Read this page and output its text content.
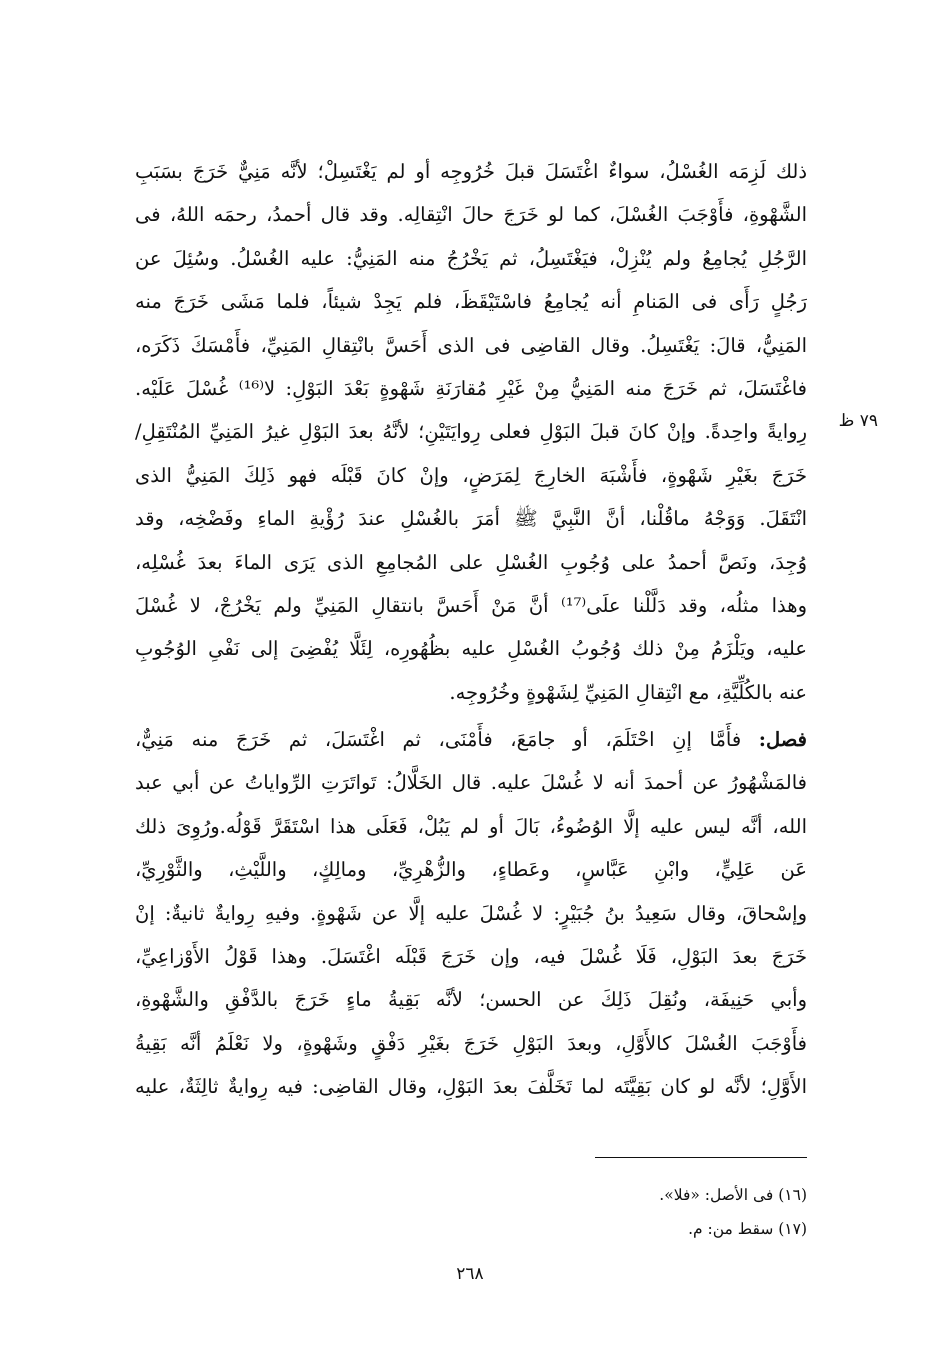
ذلك لَزِمَه الغُسْلُ، سواءٌ اغْتَسَلَ قبلَ خُرُوجِه أو لم يَغْتَسِلْ؛ لأنَّه مَنِيٌّ خَرَجَ بسَبَبِ
الشَّهْوةِ، فأَوْجَبَ الغُسْلَ، كما لو خَرَجَ حالَ انْتِقالِه. وقد قال أحمدُ، رحمَه اللهُ، فى
الرَّجُلِ يُجامِعُ ولم يُنْزِلْ، فيَغْتَسِلُ، ثم يَخْرُجُ منه المَنِيُّ: عليه الغُسْلُ. وسُئِلَ عن
رَجُلٍ رَأَى فى المَنامِ أنه يُجامِعُ فاسْتَيْقَظَ، فلم يَجِدْ شيئاً، فلما مَشَى خَرَجَ منه
المَنِيُّ، قالَ: يَغْتَسِلُ. وقال القاضِى فى الذى أَحَسَّ بانْتِقالِ المَنِيِّ، فأَمْسَكَ ذَكَرَه،
فاغْتَسَلَ، ثم خَرَجَ منه المَنِيُّ مِنْ غَيْرِ مُقارَنَةِ شَهْوةٍ بَعْدَ البَوْلِ: لا⁽¹⁶⁾ غُسْلَ عَلَيْه.
رِوايةً واحِدةً. وإنْ كانَ قبلَ البَوْلِ فعلى رِوايَتَيْنِ؛ لأنَّهُ بعدَ البَوْلِ غيرُ المَنِيِّ المُنْتَقِلِ/
خَرَجَ بغَيْرِ شَهْوةٍ، فأَشْبَهَ الخارِجَ لِمَرَضٍ، وإنْ كانَ قَبْلَه فهو ذَلِكَ المَنِيُّ الذى
انْتَقَلَ. وَوَجْهُ ماقُلْنا، أنَّ النَّبِيَّ ﷺ أمَرَ بالغُسْلِ عندَ رُؤْيةِ الماءِ وفَضْخِه، وقد
وُجِدَ، ونَصَّ أحمدُ على وُجُوبِ الغُسْلِ على المُجامِعِ الذى يَرَى الماءَ بعدَ غُسْلِه،
وهذا مثلُه، وقد دَلَّلْنا علَى⁽¹⁷⁾ أنَّ مَنْ أَحَسَّ بانتقالِ المَنِيِّ ولم يَخْرُجْ، لا غُسْلَ
عليه، ويَلْزَمُ مِنْ ذلك وُجُوبُ الغُسْلِ عليه بظُهُورِه، لِئَلَّا يُفْضِىَ إلى نَفْىِ الوُجُوبِ
عنه بالكُلِّيَّةِ، مع انْتِقالِ المَنِيِّ لِشَهْوةٍ وخُرُوجِه.
فصل: فأَمَّا إنِ احْتَلَمَ، أو جامَعَ، فأَمْنَى، ثم اغْتَسَلَ، ثم خَرَجَ منه مَنِيٌّ،
فالمَشْهُورُ عن أحمدَ أنه لا غُسْلَ عليه. قال الخَلَّالُ: تَواتَرَتِ الرِّواياتُ عن أبي عبد
الله، أنَّه ليس عليه إلَّا الوُضُوءُ، بَالَ أو لم يَبُلْ، فَعَلَى هذا اسْتَقَرَّ قَوْلُه.ورُوِىَ ذلك
عَن عَلِيٍّ، وابْنِ عَبَّاسٍ، وعَطاءٍ، والزُّهْرِيِّ، ومالِكٍ، واللَّيْثِ، والثَّوْرِيِّ،
وإسْحاقَ، وقال سَعِيدُ بنُ جُبَيْرٍ: لا غُسْلَ عليه إلَّا عن شَهْوةٍ. وفيهِ رِوايةٌ ثانيةٌ: إنْ
خَرَجَ بعدَ البَوْلِ، فَلَا غُسْلَ فيه، وإن خَرَجَ قَبْلَه اغْتَسَلَ. وهذا قَوْلُ الأَوْزاعِيِّ،
وأبي حَنِيفَة، ونُقِلَ ذَلِكَ عن الحسن؛ لأنَّه بَقِيةُ ماءٍ خَرَجَ بالدَّفْقِ والشَّهْوةِ،
فأَوْجَبَ الغُسْلَ كالأَوَّلِ، وبعدَ البَوْلِ خَرَجَ بغَيْرِ دَفْقٍ وشَهْوةٍ، ولا نَعْلَمُ أنَّه بَقِيةُ
الأَوَّلِ؛ لأنَّه لو كان بَقِيَّتَه لما تَخَلَّفَ بعدَ البَوْلِ، وقال القاضِى: فيه رِوايةٌ ثالِثَةٌ، عليه
٧٩ ظ
(١٦) فى الأصل: «فلا».
(١٧) سقط من: م.
٢٦٨
